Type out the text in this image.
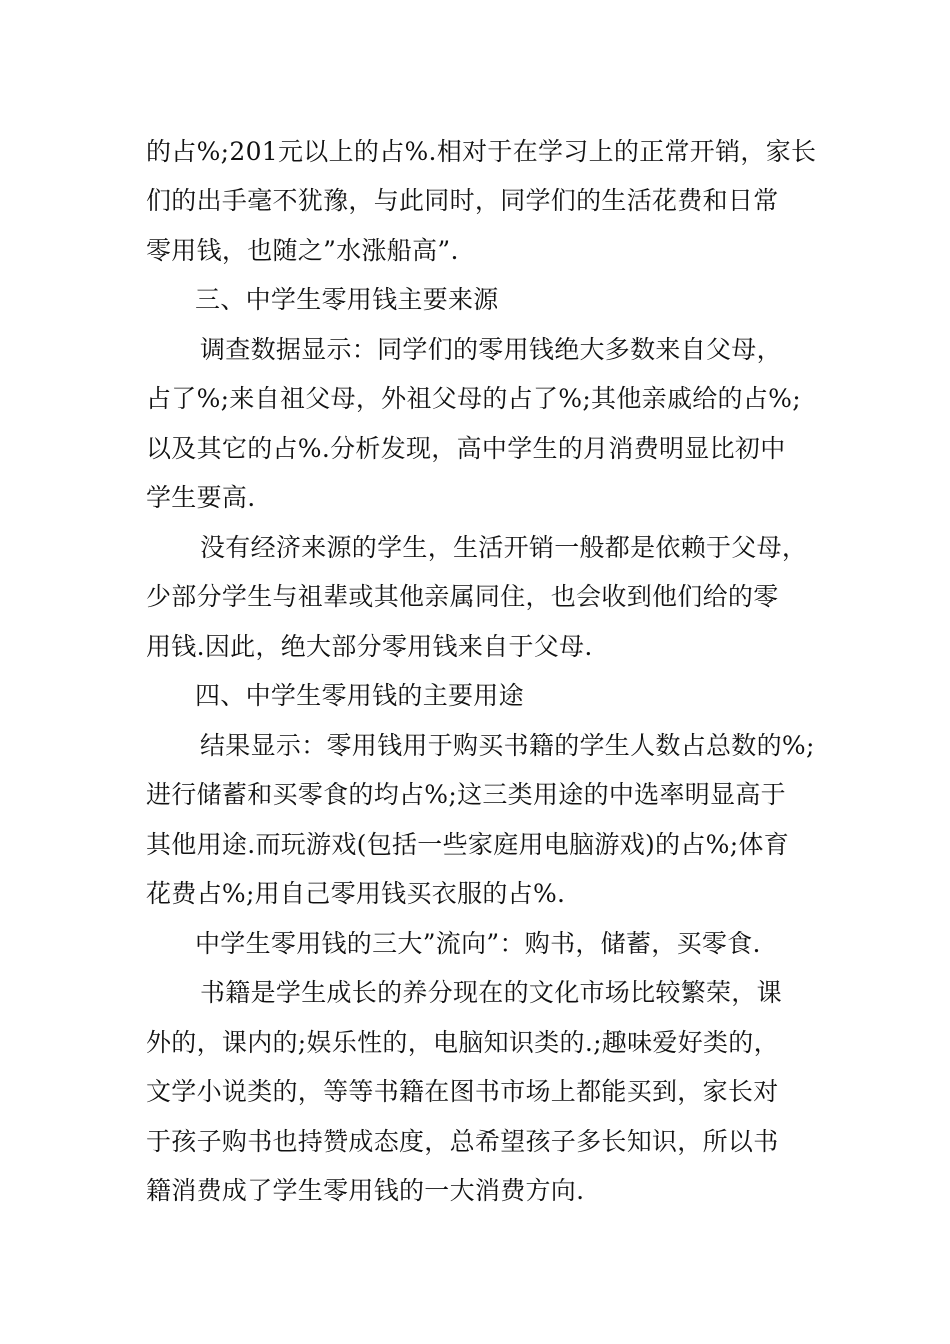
的占%;201元以上的占%.相对于在学习上的正常开销，家长
们的出手毫不犹豫，与此同时，同学们的生活花费和日常
零用钱，也随之”水涨船高”.
三、中学生零用钱主要来源
调查数据显示：同学们的零用钱绝大多数来自父母，
占了%;来自祖父母，外祖父母的占了%;其他亲戚给的占%;
以及其它的占%.分析发现，高中学生的月消费明显比初中
学生要高.
没有经济来源的学生，生活开销一般都是依赖于父母，
少部分学生与祖辈或其他亲属同住，也会收到他们给的零
用钱.因此，绝大部分零用钱来自于父母.
四、中学生零用钱的主要用途
结果显示：零用钱用于购买书籍的学生人数占总数的%;
进行储蓄和买零食的均占%;这三类用途的中选率明显高于
其他用途.而玩游戏(包括一些家庭用电脑游戏)的占%;体育
花费占%;用自己零用钱买衣服的占%.
中学生零用钱的三大”流向”：购书，储蓄，买零食.
书籍是学生成长的养分现在的文化市场比较繁荣，课
外的，课内的;娱乐性的，电脑知识类的.;趣味爱好类的，
文学小说类的，等等书籍在图书市场上都能买到，家长对
于孩子购书也持赞成态度，总希望孩子多长知识，所以书
籍消费成了学生零用钱的一大消费方向.
